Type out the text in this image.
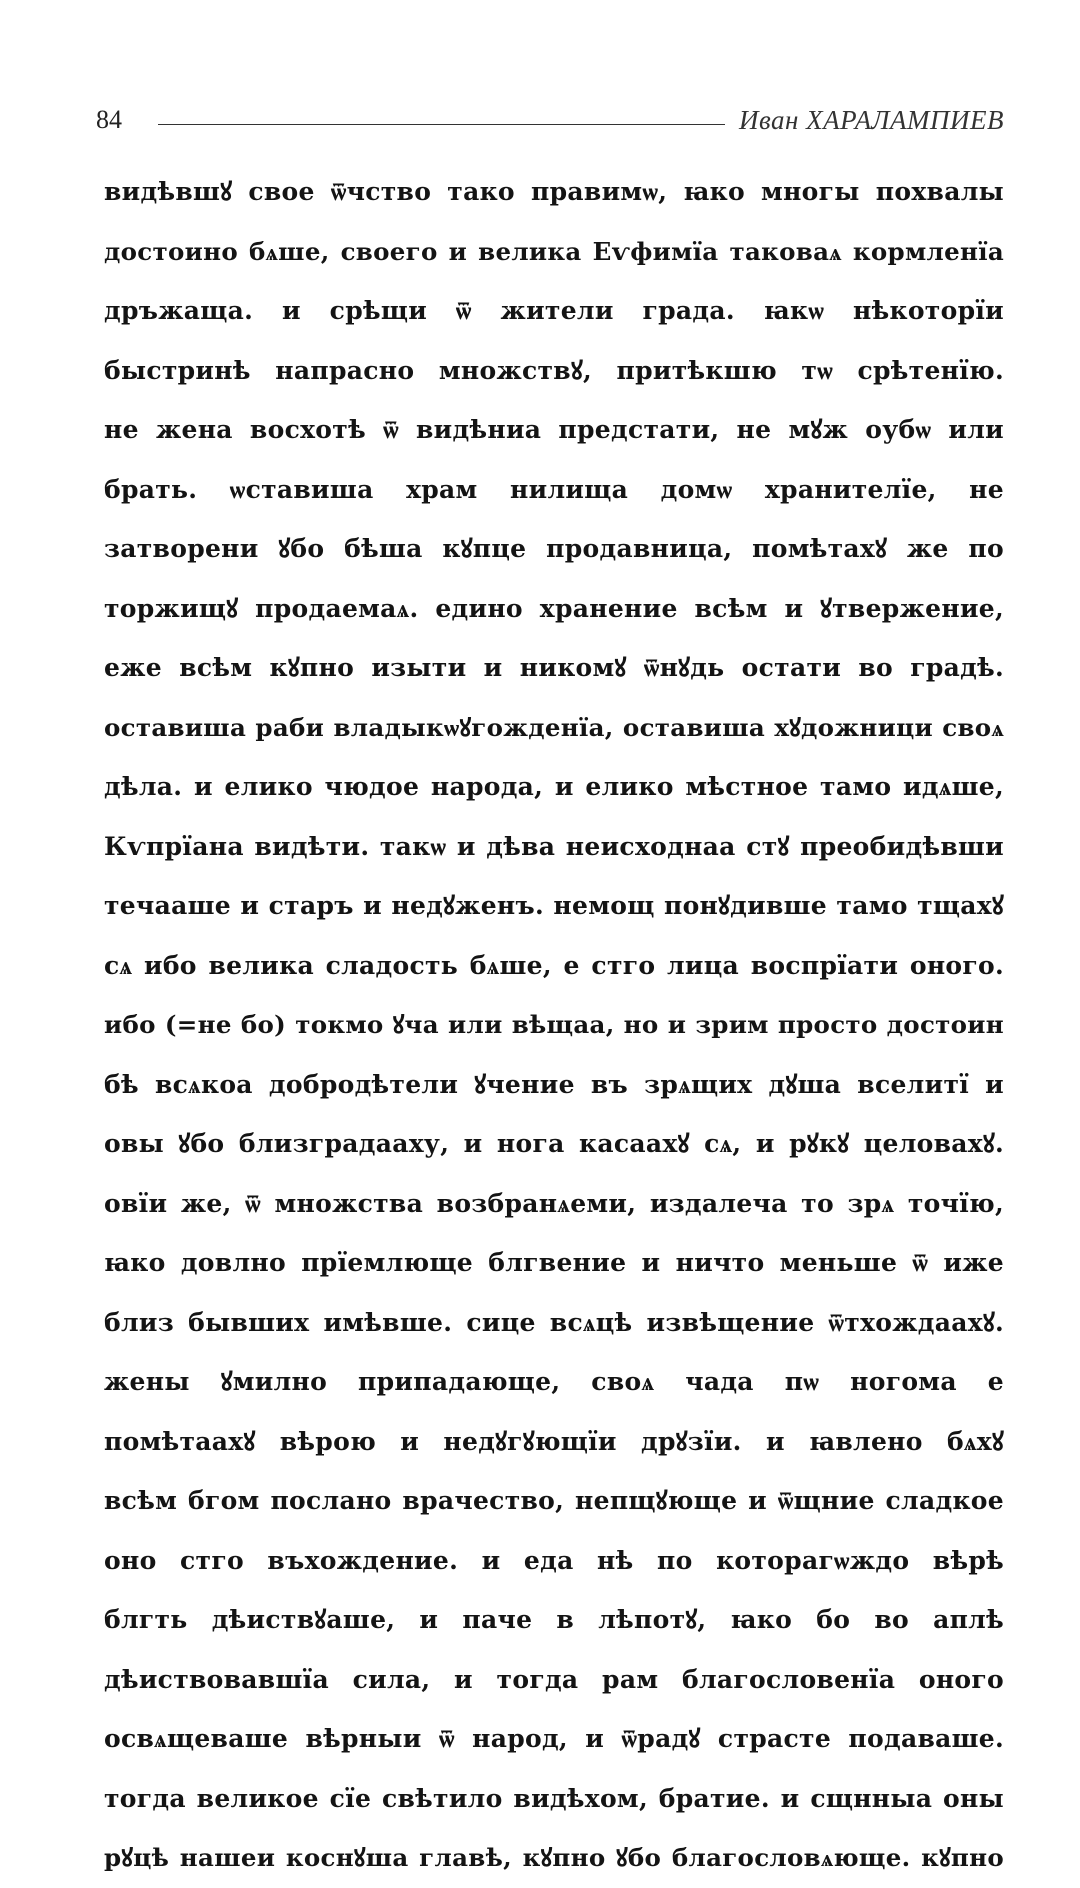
84	Иван ХАРАЛАМПИЕВ
видѣвшꙋ свое ѿчство тако правимѡ, ꙗко многы похвалы
достоино бѧше, своего и велика Еѵфимїа таковаѧ кормленїа
дръжаща. и срѣщи ѿ жители града. ꙗкѡ нѣкоторїи
быстринѣ напрасно множствꙋ, притѣкшю тѡ срѣтенїю.
не жена восхотѣ ѿ видѣниа предстати, не мꙋж оубѡ или
брать. ѡставиша храм нилища домѡ хранителїе, не
затворени ꙋбо бѣша кꙋпце продавница, помѣтахꙋ же по
торжищꙋ продаемаѧ. едино хранение всѣм и ꙋтвержение,
еже всѣм кꙋпно изыти и никомꙋ ѿнꙋдь остати во градѣ.
оставиша раби владыкѡꙋгожденїа, оставиша хꙋдожници своѧ
дѣла. и елико чюдое народа, и елико мѣстное тамо идѧше,
Кѵпрїана видѣти. такѡ и дѣва неисходнаа стꙋ преобидѣвши
течааше и старъ и недꙋженъ. немощ понꙋдивше тамо тщахꙋ
сѧ ибо велика сладость бѧше, е стго лица воспрїати оного.
ибо (=не бо) токмо ꙋча или вѣщаа, но и зрим просто достоин
бѣ всѧкоа добродѣтели ꙋчение въ зрѧщих дꙋша вселитї и
овы ꙋбо близградааху, и нога касаахꙋ сѧ, и рꙋкꙋ целовахꙋ.
овїи же, ѿ множства возбранѧеми, издалеча то зрѧ точїю,
ꙗко довлно прїемлюще блгвение и ничто меньше ѿ иже
близ бывших имѣвше. сице всѧцѣ извѣщение ѿтхождаахꙋ.
жены ꙋмилно припадающе, своѧ чада пѡ ногома е
помѣтаахꙋ вѣрою и недꙋгꙋющїи дрꙋзїи. и ꙗвлено бѧхꙋ
всѣм бгом послано врачество, непщꙋюще и ѿщние сладкое
оно стго въхождение. и еда нѣ по которагѡждо вѣрѣ
блгть дѣиствꙋаше, и паче в лѣпотꙋ, ꙗко бо во аплѣ
дѣиствовавшїа сила, и тогда рам благословенїа оного
освѧщеваше вѣрныи ѿ народ, и ѿрадꙋ страсте подаваше.
тогда великое сїе свѣтило видѣхом, братие. и сщнныа оны
рꙋцѣ нашеи коснꙋша главѣ, кꙋпно ꙋбо благословѧюще. кꙋпно
